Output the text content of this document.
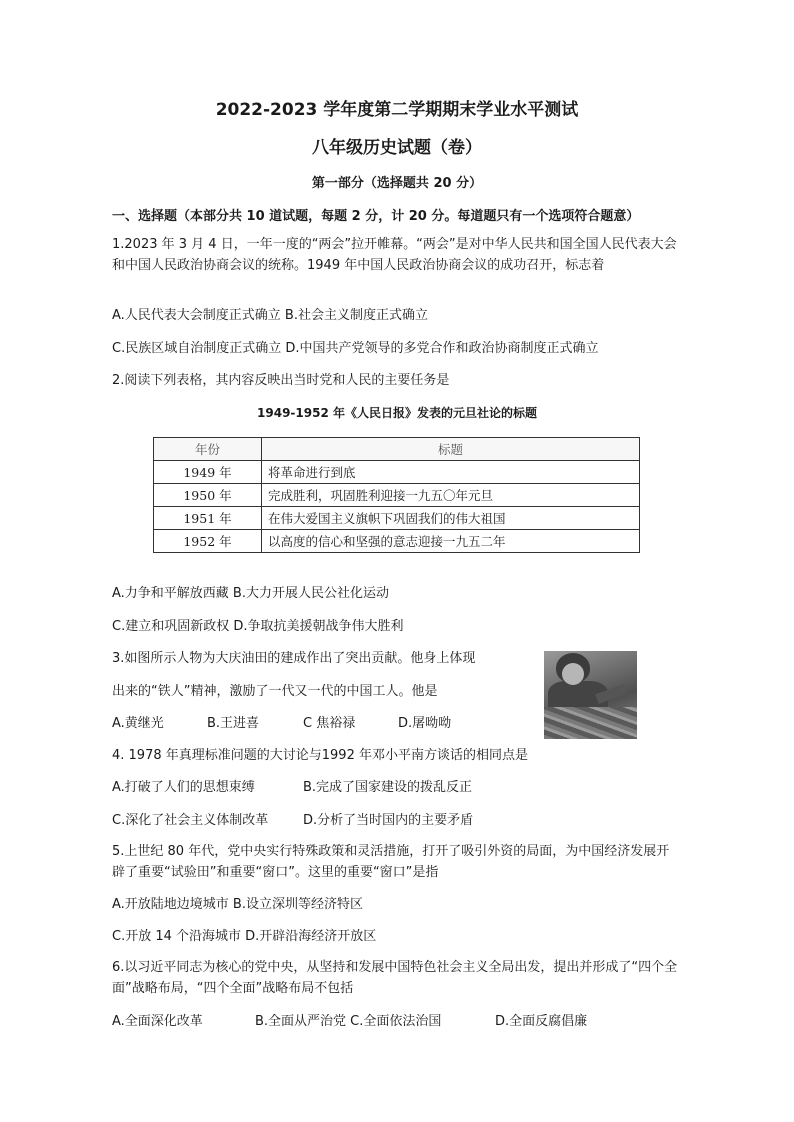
2022-2023 学年度第二学期期末学业水平测试
八年级历史试题（卷）
第一部分（选择题共 20 分）
一、选择题（本部分共 10 道试题，每题 2 分，计 20 分。每道题只有一个选项符合题意）
1.2023 年 3 月 4 日，一年一度的“两会”拉开帷幕。“两会”是对中华人民共和国全国人民代表大会和中国人民政治协商会议的统称。1949 年中国人民政治协商会议的成功召开，标志着
A.人民代表大会制度正式确立 B.社会主义制度正式确立
C.民族区域自治制度正式确立 D.中国共产党领导的多党合作和政治协商制度正式确立
2.阅读下列表格，其内容反映出当时党和人民的主要任务是
1949-1952 年《人民日报》发表的元旦社论的标题
年份	标题
1949 年	将革命进行到底
1950 年	完成胜利，巩固胜利迎接一九五〇年元旦
1951 年	在伟大爱国主义旗帜下巩固我们的伟大祖国
1952 年	以高度的信心和坚强的意志迎接一九五二年
A.力争和平解放西藏 B.大力开展人民公社化运动
C.建立和巩固新政权 D.争取抗美援朝战争伟大胜利
3.如图所示人物为大庆油田的建成作出了突出贡献。他身上体现
出来的“铁人”精神，激励了一代又一代的中国工人。他是
A.黄继光	B.王进喜	C 焦裕禄	D.屠呦呦
4. 1978 年真理标准问题的大讨论与1992 年邓小平南方谈话的相同点是
A.打破了人们的思想束缚	B.完成了国家建设的拨乱反正
C.深化了社会主义体制改革	D.分析了当时国内的主要矛盾
5.上世纪 80 年代，党中央实行特殊政策和灵活措施，打开了吸引外资的局面，为中国经济发展开辟了重要“试验田”和重要“窗口”。这里的重要“窗口”是指
A.开放陆地边境城市 B.设立深圳等经济特区
C.开放 14 个沿海城市 D.开辟沿海经济开放区
6.以习近平同志为核心的党中央，从坚持和发展中国特色社会主义全局出发，提出并形成了“四个全面”战略布局，“四个全面”战略布局不包括
A.全面深化改革	B.全面从严治党 C.全面依法治国	D.全面反腐倡廉
